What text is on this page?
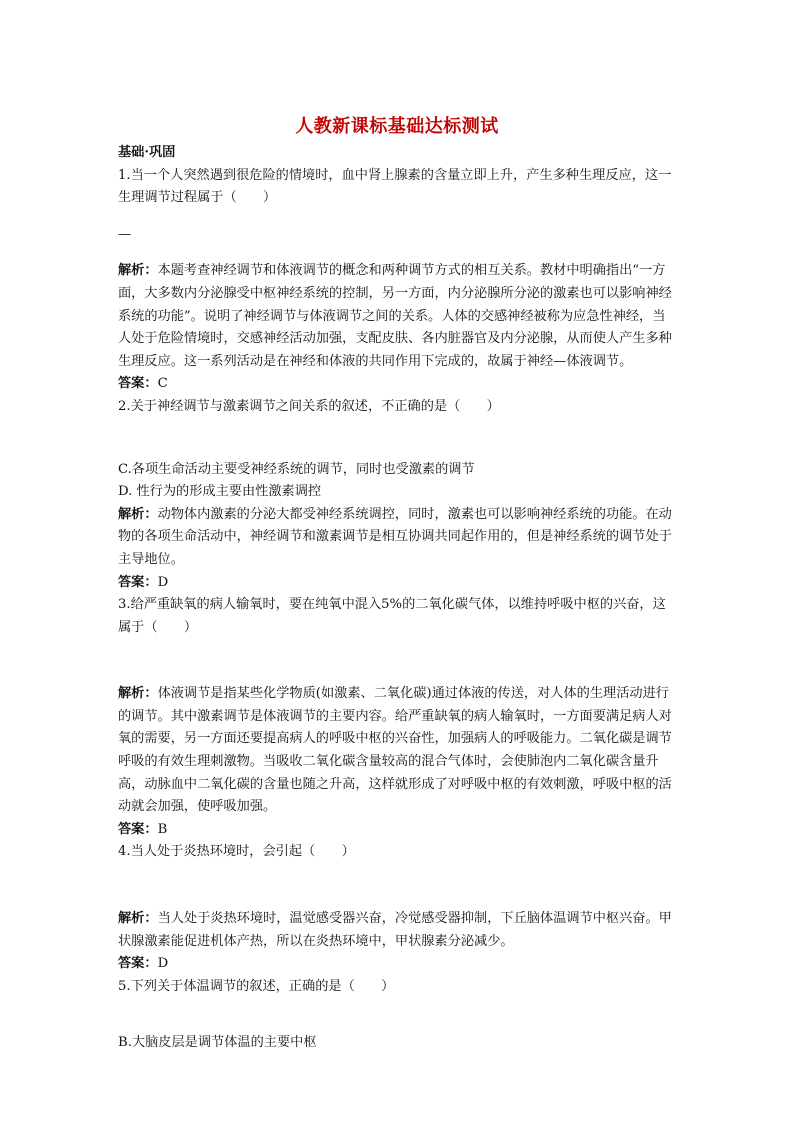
人教新课标基础达标测试

基础·巩固

1.当一个人突然遇到很危险的情境时，血中肾上腺素的含量立即上升，产生多种生理反应，这一生理调节过程属于（　　）

—

解析：本题考查神经调节和体液调节的概念和两种调节方式的相互关系。教材中明确指出“一方面，大多数内分泌腺受中枢神经系统的控制，另一方面，内分泌腺所分泌的激素也可以影响神经系统的功能”。说明了神经调节与体液调节之间的关系。人体的交感神经被称为应急性神经，当人处于危险情境时，交感神经活动加强，支配皮肤、各内脏器官及内分泌腺，从而使人产生多种生理反应。这一系列活动是在神经和体液的共同作用下完成的，故属于神经—体液调节。

答案：C

2.关于神经调节与激素调节之间关系的叙述，不正确的是（　　）

C.各项生命活动主要受神经系统的调节，同时也受激素的调节

D. 性行为的形成主要由性激素调控

解析：动物体内激素的分泌大都受神经系统调控，同时，激素也可以影响神经系统的功能。在动物的各项生命活动中，神经调节和激素调节是相互协调共同起作用的，但是神经系统的调节处于主导地位。

答案：D

3.给严重缺氧的病人输氧时，要在纯氧中混入5%的二氧化碳气体，以维持呼吸中枢的兴奋，这属于（　　）

解析：体液调节是指某些化学物质(如激素、二氧化碳)通过体液的传送，对人体的生理活动进行的调节。其中激素调节是体液调节的主要内容。给严重缺氧的病人输氧时，一方面要满足病人对氧的需要，另一方面还要提高病人的呼吸中枢的兴奋性，加强病人的呼吸能力。二氧化碳是调节呼吸的有效生理刺激物。当吸收二氧化碳含量较高的混合气体时，会使肺泡内二氧化碳含量升高，动脉血中二氧化碳的含量也随之升高，这样就形成了对呼吸中枢的有效刺激，呼吸中枢的活动就会加强，使呼吸加强。

答案：B

4.当人处于炎热环境时，会引起（　　）

解析：当人处于炎热环境时，温觉感受器兴奋，冷觉感受器抑制，下丘脑体温调节中枢兴奋。甲状腺激素能促进机体产热，所以在炎热环境中，甲状腺素分泌减少。

答案：D

5.下列关于体温调节的叙述，正确的是（　　）

B.大脑皮层是调节体温的主要中枢
